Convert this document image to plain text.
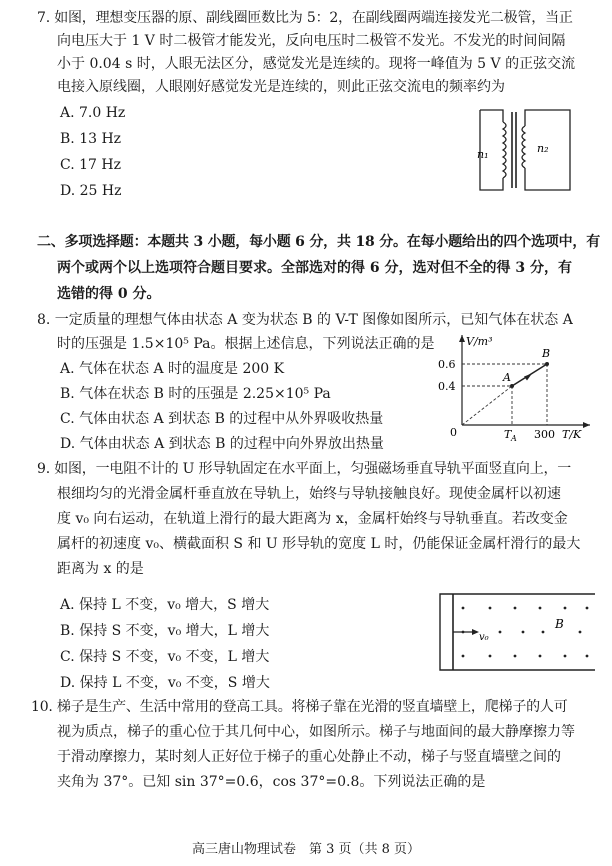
7. 如图，理想变压器的原、副线圈匝数比为 5：2，在副线圈两端连接发光二极管，当正
向电压大于 1 V 时二极管才能发光，反向电压时二极管不发光。不发光的时间间隔
小于 0.04 s 时，人眼无法区分，感觉发光是连续的。现将一峰值为 5 V 的正弦交流
电接入原线圈，人眼刚好感觉发光是连续的，则此正弦交流电的频率约为
A. 7.0 Hz
B. 13 Hz
C. 17 Hz
D. 25 Hz
n₁	n₂
二、多项选择题：本题共 3 小题，每小题 6 分，共 18 分。在每小题给出的四个选项中，有
两个或两个以上选项符合题目要求。全部选对的得 6 分，选对但不全的得 3 分，有
选错的得 0 分。
8. 一定质量的理想气体由状态 A 变为状态 B 的 V-T 图像如图所示，已知气体在状态 A
时的压强是 1.5×10⁵ Pa。根据上述信息，下列说法正确的是
A. 气体在状态 A 时的温度是 200 K
B. 气体在状态 B 时的压强是 2.25×10⁵ Pa
C. 气体由状态 A 到状态 B 的过程中从外界吸收热量
D. 气体由状态 A 到状态 B 的过程中向外界放出热量
V/m³
0.6
0.4
0	T A 300 T/K
A
B
9. 如图，一电阻不计的 U 形导轨固定在水平面上，匀强磁场垂直导轨平面竖直向上，一
根细均匀的光滑金属杆垂直放在导轨上，始终与导轨接触良好。现使金属杆以初速
度 v₀ 向右运动，在轨道上滑行的最大距离为 x，金属杆始终与导轨垂直。若改变金
属杆的初速度 v₀、横截面积 S 和 U 形导轨的宽度 L 时，仍能保证金属杆滑行的最大
距离为 x 的是
A. 保持 L 不变，v₀ 增大，S 增大
B. 保持 S 不变，v₀ 增大，L 增大
C. 保持 S 不变，v₀ 不变，L 增大
D. 保持 L 不变，v₀ 不变，S 增大
v₀
B
10. 梯子是生产、生活中常用的登高工具。将梯子靠在光滑的竖直墙壁上，爬梯子的人可
视为质点，梯子的重心位于其几何中心，如图所示。梯子与地面间的最大静摩擦力等
于滑动摩擦力，某时刻人正好位于梯子的重心处静止不动，梯子与竖直墙壁之间的
夹角为 37°。已知 sin 37°=0.6，cos 37°=0.8。下列说法正确的是
高三唐山物理试卷　第 3 页（共 8 页）
